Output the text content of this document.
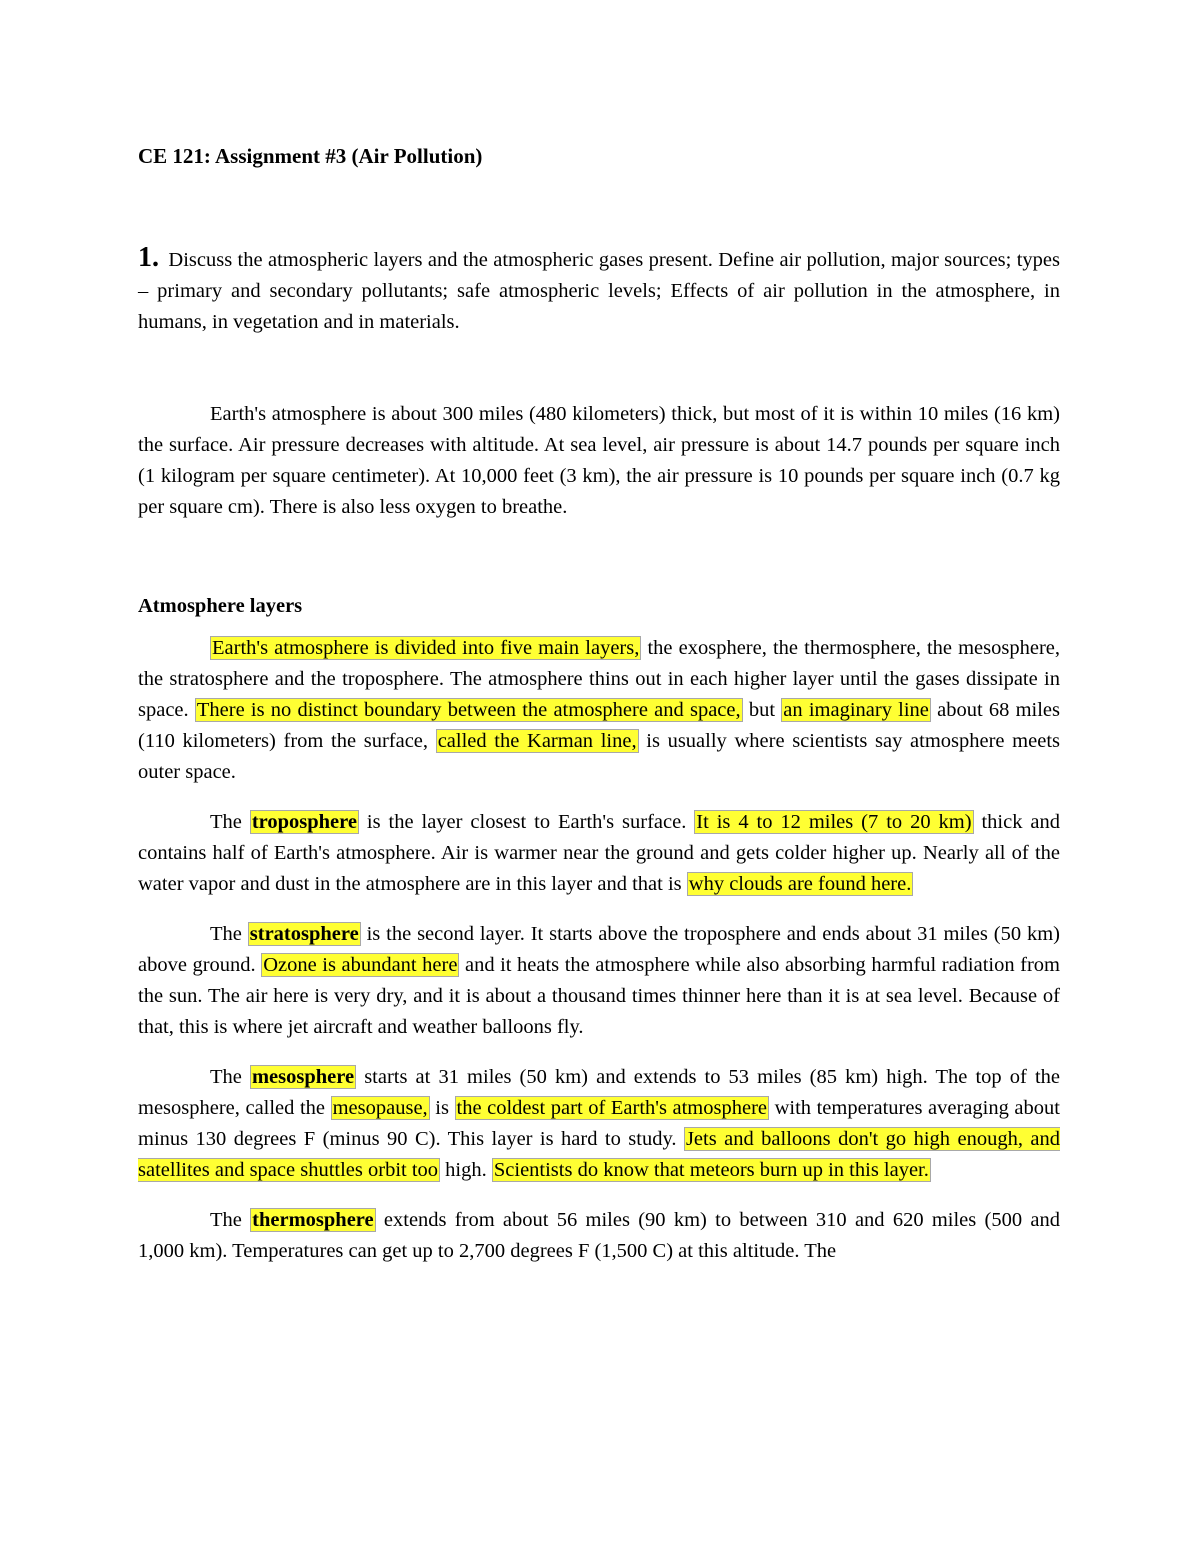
CE 121: Assignment #3 (Air Pollution)

1. Discuss the atmospheric layers and the atmospheric gases present. Define air pollution, major sources; types – primary and secondary pollutants; safe atmospheric levels; Effects of air pollution in the atmosphere, in humans, in vegetation and in materials.

Earth's atmosphere is about 300 miles (480 kilometers) thick, but most of it is within 10 miles (16 km) the surface. Air pressure decreases with altitude. At sea level, air pressure is about 14.7 pounds per square inch (1 kilogram per square centimeter). At 10,000 feet (3 km), the air pressure is 10 pounds per square inch (0.7 kg per square cm). There is also less oxygen to breathe.

Atmosphere layers

Earth's atmosphere is divided into five main layers, the exosphere, the thermosphere, the mesosphere, the stratosphere and the troposphere. The atmosphere thins out in each higher layer until the gases dissipate in space. There is no distinct boundary between the atmosphere and space, but an imaginary line about 68 miles (110 kilometers) from the surface, called the Karman line, is usually where scientists say atmosphere meets outer space.

The troposphere is the layer closest to Earth's surface. It is 4 to 12 miles (7 to 20 km) thick and contains half of Earth's atmosphere. Air is warmer near the ground and gets colder higher up. Nearly all of the water vapor and dust in the atmosphere are in this layer and that is why clouds are found here.

The stratosphere is the second layer. It starts above the troposphere and ends about 31 miles (50 km) above ground. Ozone is abundant here and it heats the atmosphere while also absorbing harmful radiation from the sun. The air here is very dry, and it is about a thousand times thinner here than it is at sea level. Because of that, this is where jet aircraft and weather balloons fly.

The mesosphere starts at 31 miles (50 km) and extends to 53 miles (85 km) high. The top of the mesosphere, called the mesopause, is the coldest part of Earth's atmosphere with temperatures averaging about minus 130 degrees F (minus 90 C). This layer is hard to study. Jets and balloons don't go high enough, and satellites and space shuttles orbit too high. Scientists do know that meteors burn up in this layer.

The thermosphere extends from about 56 miles (90 km) to between 310 and 620 miles (500 and 1,000 km). Temperatures can get up to 2,700 degrees F (1,500 C) at this altitude. The
